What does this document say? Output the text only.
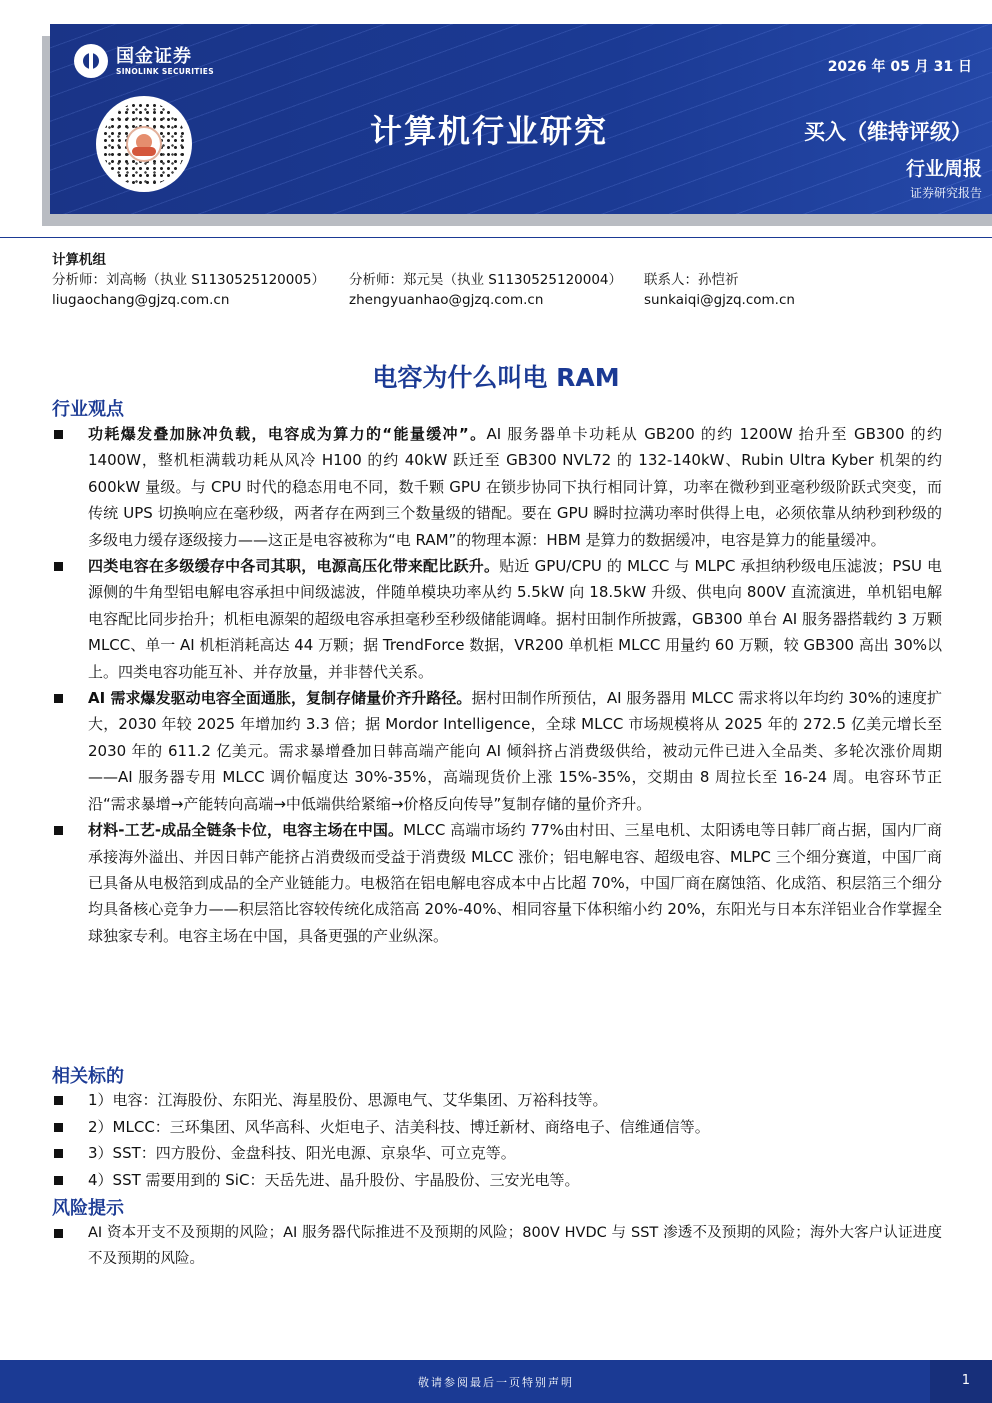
国金证券
SINOLINK SECURITIES	2026 年 05 月 31 日
计算机行业研究	买入（维持评级）
行业周报
证券研究报告
计算机组
分析师：刘高畅（执业 S1130525120005）
liugaochang@gjzq.com.cn
分析师：郑元昊（执业 S1130525120004）
zhengyuanhao@gjzq.com.cn
联系人：孙恺祈
sunkaiqi@gjzq.com.cn
电容为什么叫电 RAM
行业观点

功耗爆发叠加脉冲负载，电容成为算力的“能量缓冲”。AI 服务器单卡功耗从 GB200 的约 1200W 抬升至 GB300 的约 1400W，整机柜满载功耗从风冷 H100 的约 40kW 跃迁至 GB300 NVL72 的 132-140kW、Rubin Ultra Kyber 机架的约 600kW 量级。与 CPU 时代的稳态用电不同，数千颗 GPU 在锁步协同下执行相同计算，功率在微秒到亚毫秒级阶跃式突变，而传统 UPS 切换响应在毫秒级，两者存在两到三个数量级的错配。要在 GPU 瞬时拉满功率时供得上电，必须依靠从纳秒到秒级的多级电力缓存逐级接力——这正是电容被称为“电 RAM”的物理本源：HBM 是算力的数据缓冲，电容是算力的能量缓冲。

四类电容在多级缓存中各司其职，电源高压化带来配比跃升。贴近 GPU/CPU 的 MLCC 与 MLPC 承担纳秒级电压滤波；PSU 电源侧的牛角型铝电解电容承担中间级滤波，伴随单模块功率从约 5.5kW 向 18.5kW 升级、供电向 800V 直流演进，单机铝电解电容配比同步抬升；机柜电源架的超级电容承担毫秒至秒级储能调峰。据村田制作所披露，GB300 单台 AI 服务器搭载约 3 万颗 MLCC、单一 AI 机柜消耗高达 44 万颗；据 TrendForce 数据，VR200 单机柜 MLCC 用量约 60 万颗，较 GB300 高出 30%以上。四类电容功能互补、并存放量，并非替代关系。

AI 需求爆发驱动电容全面通胀，复制存储量价齐升路径。据村田制作所预估，AI 服务器用 MLCC 需求将以年均约 30%的速度扩大，2030 年较 2025 年增加约 3.3 倍；据 Mordor Intelligence，全球 MLCC 市场规模将从 2025 年的 272.5 亿美元增长至 2030 年的 611.2 亿美元。需求暴增叠加日韩高端产能向 AI 倾斜挤占消费级供给，被动元件已进入全品类、多轮次涨价周期——AI 服务器专用 MLCC 调价幅度达 30%-35%，高端现货价上涨 15%-35%，交期由 8 周拉长至 16-24 周。电容环节正沿“需求暴增→产能转向高端→中低端供给紧缩→价格反向传导”复制存储的量价齐升。

材料-工艺-成品全链条卡位，电容主场在中国。MLCC 高端市场约 77%由村田、三星电机、太阳诱电等日韩厂商占据，国内厂商承接海外溢出、并因日韩产能挤占消费级而受益于消费级 MLCC 涨价；铝电解电容、超级电容、MLPC 三个细分赛道，中国厂商已具备从电极箔到成品的全产业链能力。电极箔在铝电解电容成本中占比超 70%，中国厂商在腐蚀箔、化成箔、积层箔三个细分均具备核心竞争力——积层箔比容较传统化成箔高 20%-40%、相同容量下体积缩小约 20%，东阳光与日本东洋铝业合作掌握全球独家专利。电容主场在中国，具备更强的产业纵深。

相关标的
1）电容：江海股份、东阳光、海星股份、思源电气、艾华集团、万裕科技等。
2）MLCC：三环集团、风华高科、火炬电子、洁美科技、博迁新材、商络电子、信维通信等。
3）SST：四方股份、金盘科技、阳光电源、京泉华、可立克等。
4）SST 需要用到的 SiC：天岳先进、晶升股份、宇晶股份、三安光电等。
风险提示

AI 资本开支不及预期的风险；AI 服务器代际推进不及预期的风险；800V HVDC 与 SST 渗透不及预期的风险；海外大客户认证进度不及预期的风险。

敬请参阅最后一页特别声明	1
